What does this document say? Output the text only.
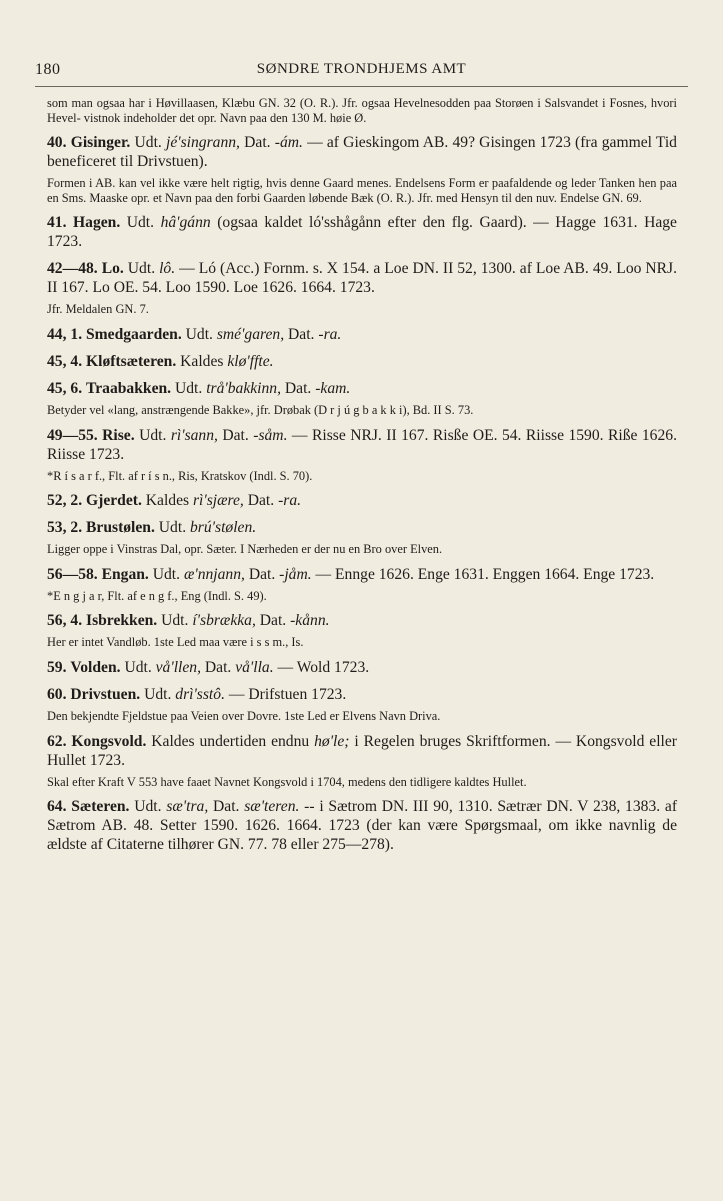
180	SØNDRE TRONDHJEMS AMT

som man ogsaa har i Høvillaasen, Klæbu GN. 32 (O. R.). Jfr. ogsaa Hevelnesodden paa Storøen i Salsvandet i Fosnes, hvori Hevel- vistnok indeholder det opr. Navn paa den 130 M. høie Ø.

40. Gisinger. Udt. jé'singrann, Dat. -ám. — af Gieskingom AB. 49? Gisingen 1723 (fra gammel Tid beneficeret til Drivstuen).

Formen i AB. kan vel ikke være helt rigtig, hvis denne Gaard menes. Endelsens Form er paafaldende og leder Tanken hen paa en Sms. Maaske opr. et Navn paa den forbi Gaarden løbende Bæk (O. R.). Jfr. med Hensyn til den nuv. Endelse GN. 69.

41. Hagen. Udt. hâ'gánn (ogsaa kaldet ló'sshågånn efter den flg. Gaard). — Hagge 1631. Hage 1723.

42—48. Lo. Udt. lô. — Ló (Acc.) Fornm. s. X 154. a Loe DN. II 52, 1300. af Loe AB. 49. Loo NRJ. II 167. Lo OE. 54. Loo 1590. Loe 1626. 1664. 1723.

Jfr. Meldalen GN. 7.

44, 1. Smedgaarden. Udt. smé'garen, Dat. -ra.

45, 4. Kløftsæteren. Kaldes klø'ffte.

45, 6. Traabakken. Udt. trå'bakkinn, Dat. -kam.

Betyder vel «lang, anstrængende Bakke», jfr. Drøbak (D r j ú g b a k k i), Bd. II S. 73.

49—55. Rise. Udt. rì'sann, Dat. -såm. — Risse NRJ. II 167. Risße OE. 54. Riisse 1590. Rißе 1626. Riisse 1723.

*R í s a r f., Flt. af r í s n., Ris, Kratskov (Indl. S. 70).

52, 2. Gjerdet. Kaldes rì'sjære, Dat. -ra.

53, 2. Brustølen. Udt. brú'stølen.

Ligger oppe i Vinstras Dal, opr. Sæter. I Nærheden er der nu en Bro over Elven.

56—58. Engan. Udt. æ'nnjann, Dat. -jåm. — Ennge 1626. Enge 1631. Enggen 1664. Enge 1723.

*E n g j a r, Flt. af e n g f., Eng (Indl. S. 49).

56, 4. Isbrekken. Udt. í'sbrækka, Dat. -kånn.

Her er intet Vandløb. 1ste Led maa være i s s m., Is.

59. Volden. Udt. vå'llen, Dat. vå'lla. — Wold 1723.

60. Drivstuen. Udt. drì'sstô. — Drifstuen 1723.

Den bekjendte Fjeldstue paa Veien over Dovre. 1ste Led er Elvens Navn Driva.

62. Kongsvold. Kaldes undertiden endnu hø'le; i Regelen bruges Skriftformen. — Kongsvold eller Hullet 1723.

Skal efter Kraft V 553 have faaet Navnet Kongsvold i 1704, medens den tidligere kaldtes Hullet.

64. Sæteren. Udt. sæ'tra, Dat. sæ'teren. -- i Sætrom DN. III 90, 1310. Sætrær DN. V 238, 1383. af Sætrom AB. 48. Setter 1590. 1626. 1664. 1723 (der kan være Spørgsmaal, om ikke navnlig de ældste af Citaterne tilhører GN. 77. 78 eller 275—278).
